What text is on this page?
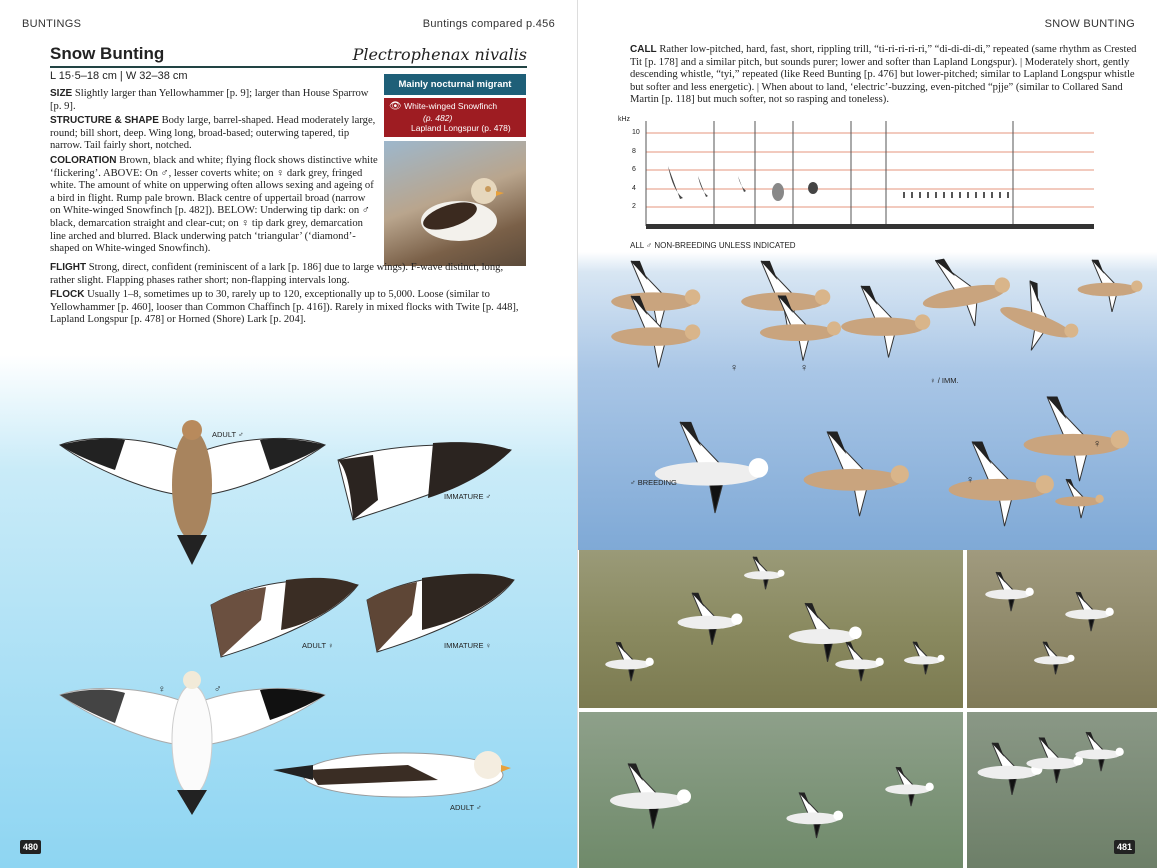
BUNTINGS	Buntings compared p.456
Snow Bunting	Plectrophenax nivalis
L 15·5–18 cm | W 32–38 cm
Mainly nocturnal migrant
👁 White-winged Snowfinch
(p. 482)
Lapland Longspur (p. 478)

SIZE Slightly larger than Yellowhammer [p. 9]; larger than House Sparrow [p. 9].

STRUCTURE & SHAPE Body large, barrel-shaped. Head moderately large, round; bill short, deep. Wing long, broad-based; outerwing tapered, tip narrow. Tail fairly short, notched.

COLORATION Brown, black and white; flying flock shows distinctive white ‘flickering’. ABOVE: On ♂, lesser coverts white; on ♀ dark grey, fringed white. The amount of white on upperwing often allows sexing and ageing of a bird in flight. Rump pale brown. Black centre of uppertail broad (narrow on White-winged Snowfinch [p. 482]). BELOW: Underwing tip dark: on ♂ black, demarcation straight and clear-cut; on ♀ tip dark grey, demarcation line arched and blurred. Black underwing patch ‘triangular’ (‘diamond’-shaped on White-winged Snowfinch).

FLIGHT Strong, direct, confident (reminiscent of a lark [p. 186] due to large wings). F-wave distinct, long, rather slight. Flapping phases rather short; non-flapping intervals long.

FLOCK Usually 1–8, sometimes up to 30, rarely up to 120, exceptionally up to 5,000. Loose (similar to Yellowhammer [p. 460], looser than Common Chaffinch [p. 416]). Rarely in mixed flocks with Twite [p. 448], Lapland Longspur [p. 478] or Horned (Shore) Lark [p. 204].

ADULT ♂
IMMATURE ♂
ADULT ♀	IMMATURE ♀
♀	♂
ADULT ♂
480
SNOW BUNTING
CALL Rather low-pitched, hard, fast, short, rippling trill, “ti-ri-ri-ri-ri,” “di-di-di-di,” repeated (same rhythm as Crested Tit [p. 178] and a similar pitch, but sounds purer; lower and softer than Lapland Longspur). | Moderately short, gently descending whistle, “tyi,” repeated (like Reed Bunting [p. 476] but lower-pitched; similar to Lapland Longspur whistle but softer and less energetic). | When about to land, ‘electric’-buzzing, even-pitched “pjje” (similar to Collared Sand Martin [p. 118] but much softer, not so rasping and toneless).
kHz
10
8
6
4
2
ALL ♂ NON-BREEDING UNLESS INDICATED
♀	♀
♀ / IMM.
♀
♂ BREEDING	♀
481
